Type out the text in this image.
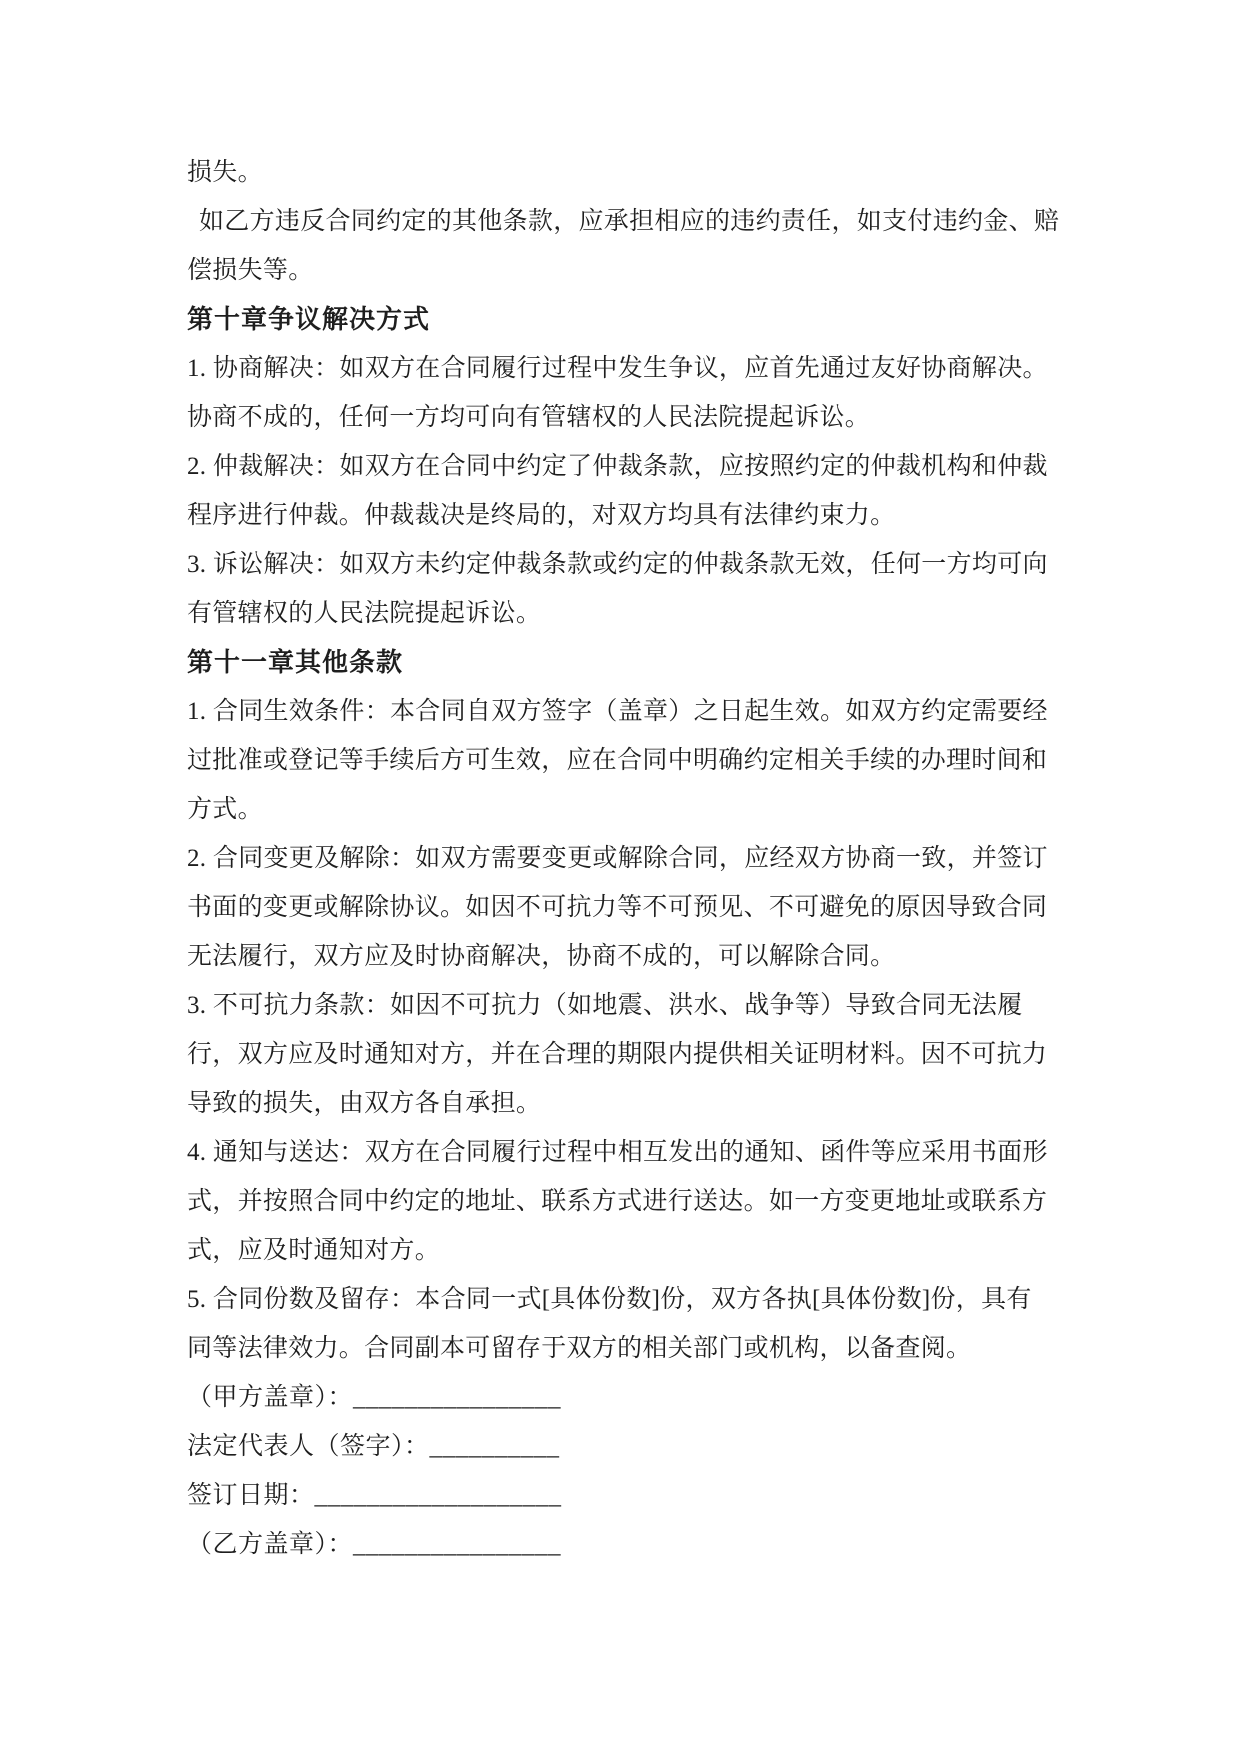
损失。
如乙方违反合同约定的其他条款，应承担相应的违约责任，如支付违约金、赔
偿损失等。
第十章争议解决方式
1. 协商解决：如双方在合同履行过程中发生争议，应首先通过友好协商解决。
协商不成的，任何一方均可向有管辖权的人民法院提起诉讼。
2. 仲裁解决：如双方在合同中约定了仲裁条款，应按照约定的仲裁机构和仲裁
程序进行仲裁。仲裁裁决是终局的，对双方均具有法律约束力。
3. 诉讼解决：如双方未约定仲裁条款或约定的仲裁条款无效，任何一方均可向
有管辖权的人民法院提起诉讼。
第十一章其他条款
1. 合同生效条件：本合同自双方签字（盖章）之日起生效。如双方约定需要经
过批准或登记等手续后方可生效，应在合同中明确约定相关手续的办理时间和
方式。
2. 合同变更及解除：如双方需要变更或解除合同，应经双方协商一致，并签订
书面的变更或解除协议。如因不可抗力等不可预见、不可避免的原因导致合同
无法履行，双方应及时协商解决，协商不成的，可以解除合同。
3. 不可抗力条款：如因不可抗力（如地震、洪水、战争等）导致合同无法履
行，双方应及时通知对方，并在合理的期限内提供相关证明材料。因不可抗力
导致的损失，由双方各自承担。
4. 通知与送达：双方在合同履行过程中相互发出的通知、函件等应采用书面形
式，并按照合同中约定的地址、联系方式进行送达。如一方变更地址或联系方
式，应及时通知对方。
5. 合同份数及留存：本合同一式[具体份数]份，双方各执[具体份数]份，具有
同等法律效力。合同副本可留存于双方的相关部门或机构，以备查阅。
（甲方盖章）：________________
法定代表人（签字）：__________
签订日期：___________________
（乙方盖章）：________________
